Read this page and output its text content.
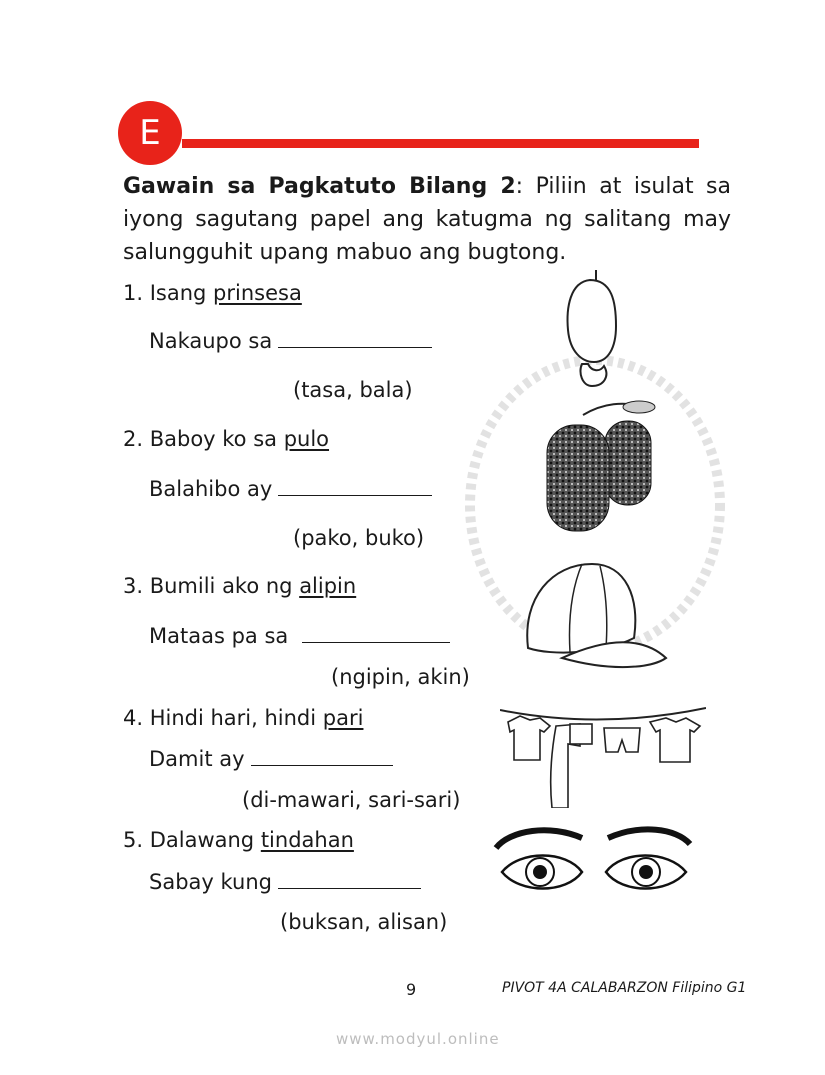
E
Gawain sa Pagkatuto Bilang 2: Piliin at isulat sa iyong sagutang papel ang katugma ng salitang may salungguhit upang mabuo ang bugtong.
1. Isang prinsesa
Nakaupo sa
(tasa, bala)
2. Baboy ko sa pulo
Balahibo ay
(pako, buko)
3. Bumili ako ng alipin
Mataas pa sa
(ngipin, akin)
4. Hindi hari, hindi pari
Damit ay
(di-mawari, sari-sari)
5. Dalawang tindahan
Sabay kung
(buksan, alisan)
9	PIVOT 4A CALABARZON Filipino G1
www.modyul.online
